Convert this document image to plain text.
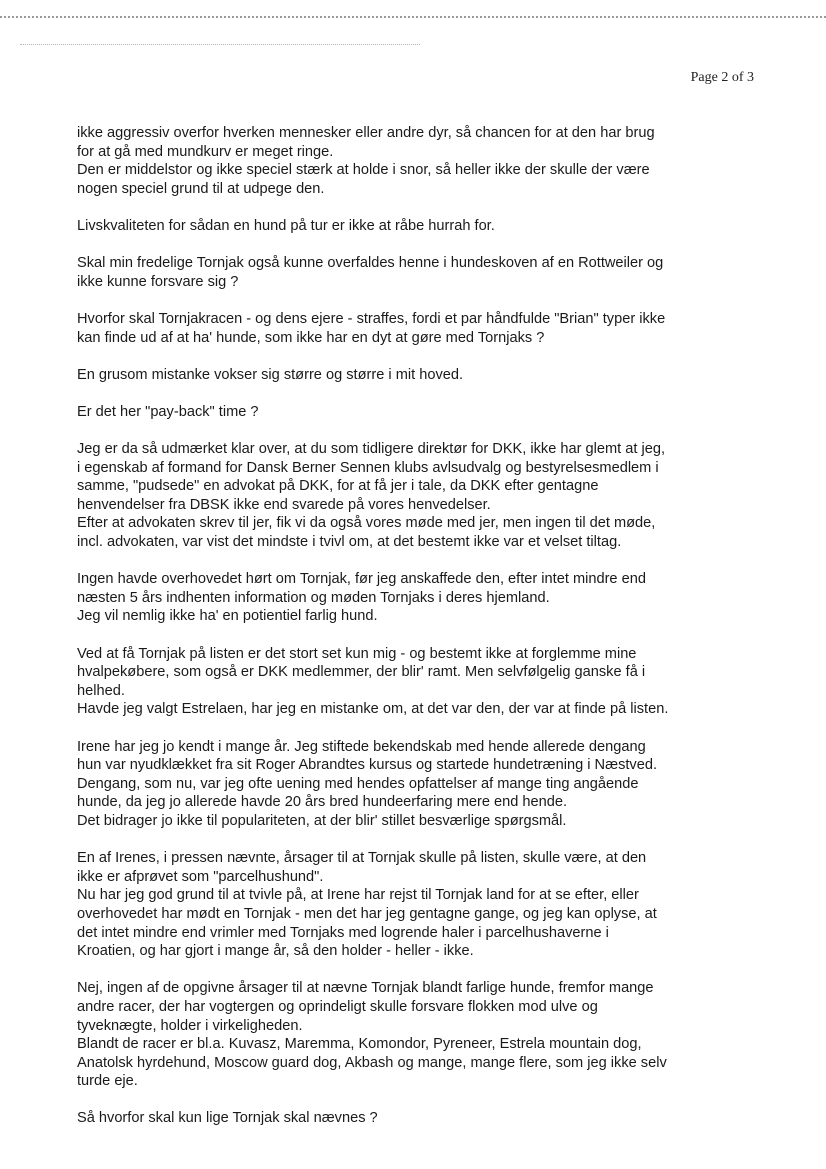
Page 2 of 3
ikke aggressiv overfor hverken mennesker eller andre dyr, så chancen for at den har brug
for at gå med mundkurv er meget ringe.
Den er middelstor og ikke speciel stærk at holde i snor, så heller ikke der skulle der være
nogen speciel grund til at udpege den.
Livskvaliteten for sådan en hund på tur er ikke at råbe hurrah for.
Skal min fredelige Tornjak også kunne overfaldes henne i hundeskoven af en Rottweiler og
ikke kunne forsvare sig ?
Hvorfor skal Tornjakracen - og dens ejere - straffes, fordi et par håndfulde "Brian" typer ikke
kan finde ud af at ha' hunde, som ikke har en dyt at gøre med Tornjaks ?
En grusom mistanke vokser sig større og større i mit hoved.
Er det her "pay-back" time ?
Jeg er da så udmærket klar over, at du som tidligere direktør for DKK, ikke har glemt at jeg,
i egenskab af formand for Dansk Berner Sennen klubs avlsudvalg og bestyrelsesmedlem i
samme, "pudsede" en advokat på DKK, for at få jer i tale, da DKK efter gentagne
henvendelser fra DBSK ikke end svarede på vores henvedelser.
Efter at advokaten skrev til jer, fik vi da også vores møde med jer, men ingen til det møde,
incl. advokaten, var vist det mindste i tvivl om, at det bestemt ikke var et velset tiltag.
Ingen havde overhovedet hørt om Tornjak, før jeg anskaffede den, efter intet mindre end
næsten 5 års indhenten information og møden Tornjaks i deres hjemland.
Jeg vil nemlig ikke ha' en potientiel farlig hund.
Ved at få Tornjak på listen er det stort set kun mig - og bestemt ikke at forglemme mine
hvalpekøbere, som også er DKK medlemmer, der blir' ramt. Men selvfølgelig ganske få i
helhed.
Havde jeg valgt Estrelaen, har jeg en mistanke om, at det var den, der var at finde på listen.
Irene har jeg jo kendt i mange år. Jeg stiftede bekendskab med hende allerede dengang
hun var nyudklækket fra sit Roger Abrandtes kursus og startede hundetræning i Næstved.
Dengang, som nu, var jeg ofte uening med hendes opfattelser af mange ting angående
hunde, da jeg jo allerede havde 20 års bred hundeerfaring mere end hende.
Det bidrager jo ikke til populariteten, at der blir' stillet besværlige spørgsmål.
En af Irenes, i pressen nævnte, årsager til at Tornjak skulle på listen, skulle være, at den
ikke er afprøvet som "parcelhushund".
Nu har jeg god grund til at tvivle på, at Irene har rejst til Tornjak land for at se efter, eller
overhovedet har mødt en Tornjak - men det har jeg gentagne gange, og jeg kan oplyse, at
det intet mindre end vrimler med Tornjaks med logrende haler i parcelhushaverne i
Kroatien, og har gjort i mange år, så den holder - heller - ikke.
Nej, ingen af de opgivne årsager til at nævne Tornjak blandt farlige hunde, fremfor mange
andre racer, der har vogtergen og oprindeligt skulle forsvare flokken mod ulve og
tyveknægte, holder i virkeligheden.
Blandt de racer er bl.a. Kuvasz, Maremma, Komondor, Pyreneer, Estrela mountain dog,
Anatolsk hyrdehund, Moscow guard dog, Akbash og mange, mange flere, som jeg ikke selv
turde eje.
Så hvorfor skal kun lige Tornjak skal nævnes ?
